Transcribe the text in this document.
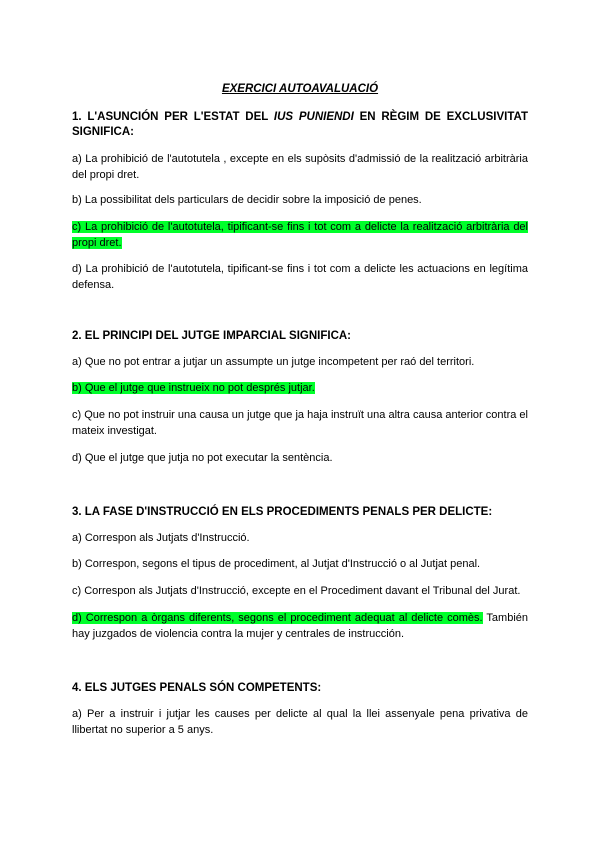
EXERCICI AUTOAVALUACIÓ
1. L'ASUNCIÓN PER L'ESTAT DEL IUS PUNIENDI EN RÈGIM DE EXCLUSIVITAT SIGNIFICA:
a) La prohibició de l'autotutela , excepte en els supòsits d'admissió de la realització arbitrària del propi dret.
b) La possibilitat dels particulars de decidir sobre la imposició de penes.
c) La prohibició de l'autotutela, tipificant-se fins i tot com a delicte la realització arbitrària del propi dret.
d) La prohibició de l'autotutela, tipificant-se fins i tot com a delicte les actuacions en legítima defensa.
2. EL PRINCIPI DEL JUTGE IMPARCIAL SIGNIFICA:
a) Que no pot entrar a jutjar un assumpte un jutge incompetent per raó del territori.
b) Que el jutge que instrueix no pot després jutjar.
c) Que no pot instruir una causa un jutge que ja haja instruït una altra causa anterior contra el mateix investigat.
d) Que el jutge que jutja no pot executar la sentència.
3. LA FASE D'INSTRUCCIÓ EN ELS PROCEDIMENTS PENALS PER DELICTE:
a) Correspon als Jutjats d'Instrucció.
b) Correspon, segons el tipus de procediment, al Jutjat d'Instrucció o al Jutjat penal.
c) Correspon als Jutjats d'Instrucció, excepte en el Procediment davant el Tribunal del Jurat.
d) Correspon a òrgans diferents, segons el procediment adequat al delicte comès. También hay juzgados de violencia contra la mujer y centrales de instrucción.
4. ELS JUTGES PENALS SÓN COMPETENTS:
a) Per a instruir i jutjar les causes per delicte al qual la llei assenyale pena privativa de llibertat no superior a 5 anys.
